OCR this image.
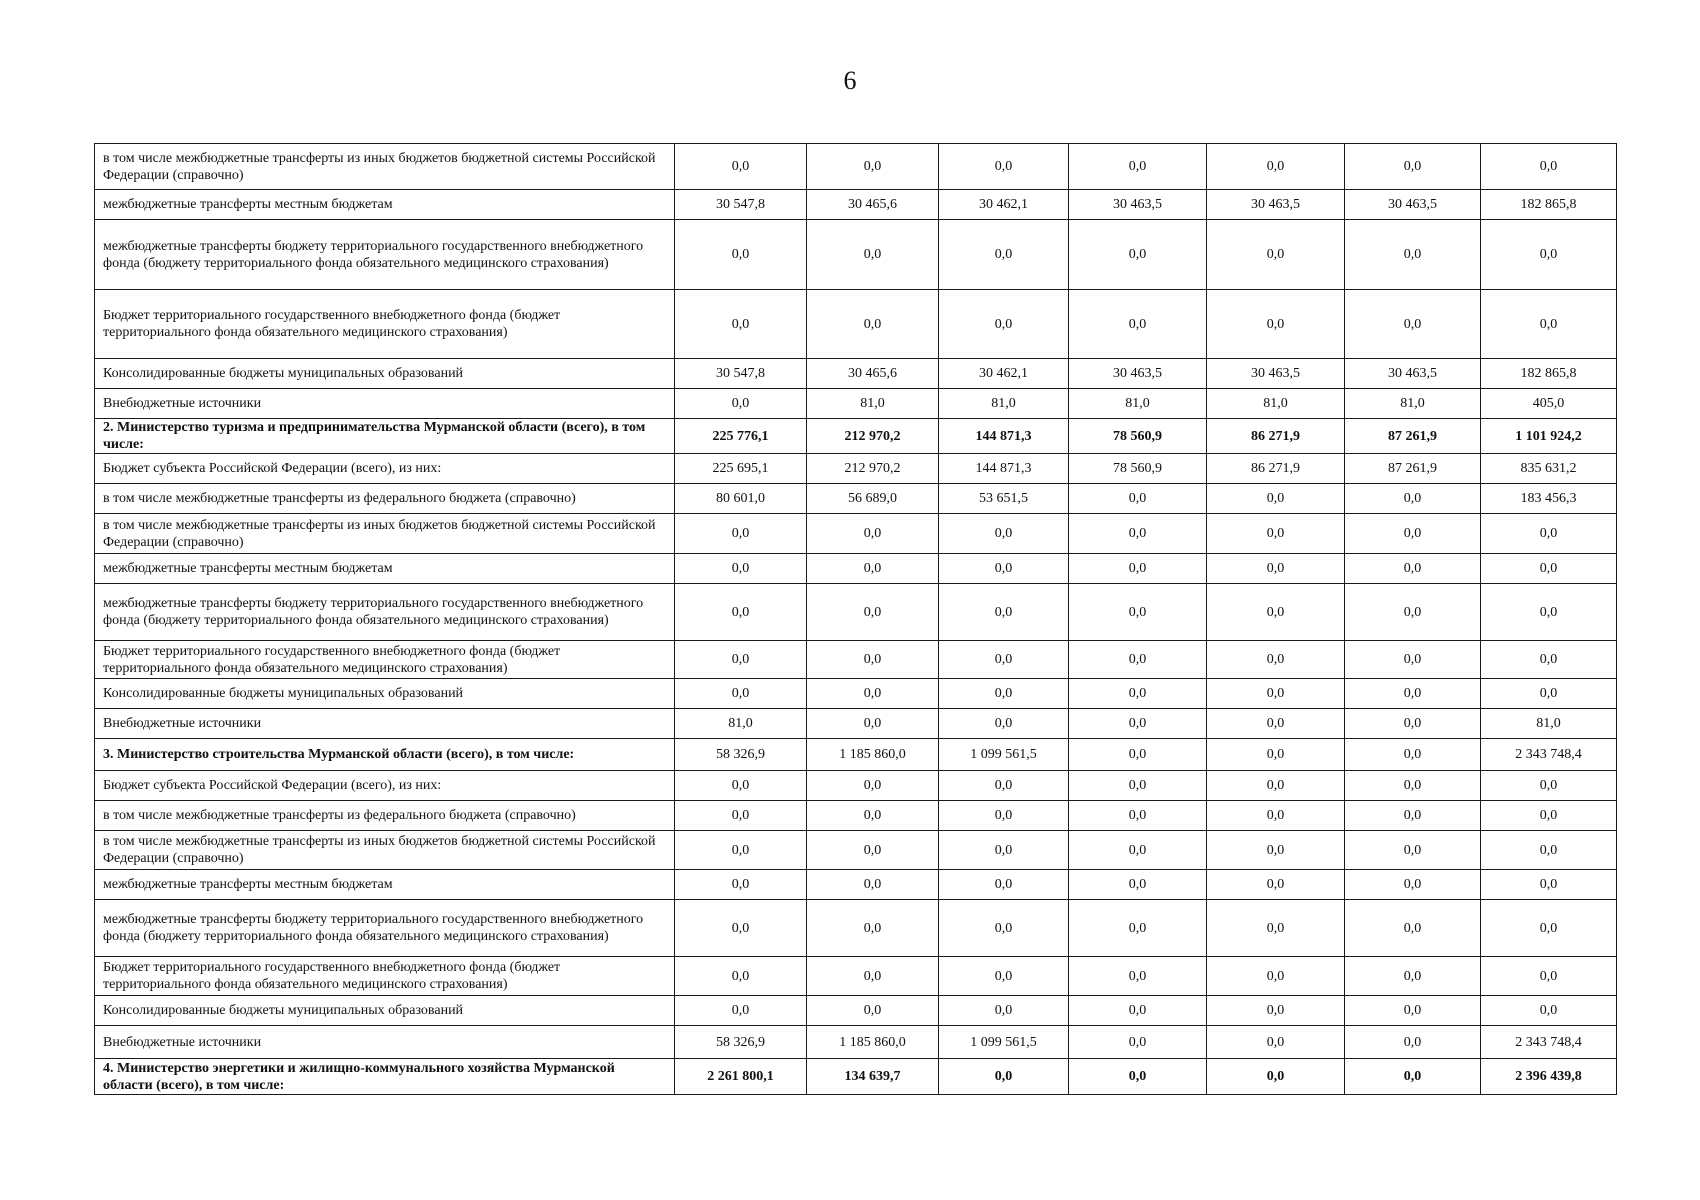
6
в том числе межбюджетные трансферты из иных бюджетов бюджетной системы Российской Федерации (справочно)	0,0	0,0	0,0	0,0	0,0	0,0	0,0
межбюджетные трансферты местным бюджетам	30 547,8	30 465,6	30 462,1	30 463,5	30 463,5	30 463,5	182 865,8
межбюджетные трансферты бюджету территориального государственного внебюджетного фонда (бюджету территориального фонда обязательного медицинского страхования)	0,0	0,0	0,0	0,0	0,0	0,0	0,0
Бюджет территориального государственного внебюджетного фонда (бюджет территориального фонда обязательного медицинского страхования)	0,0	0,0	0,0	0,0	0,0	0,0	0,0
Консолидированные бюджеты муниципальных образований	30 547,8	30 465,6	30 462,1	30 463,5	30 463,5	30 463,5	182 865,8
Внебюджетные источники	0,0	81,0	81,0	81,0	81,0	81,0	405,0
2. Министерство туризма и предпринимательства Мурманской области (всего), в том числе:	225 776,1	212 970,2	144 871,3	78 560,9	86 271,9	87 261,9	1 101 924,2
Бюджет субъекта Российской Федерации (всего), из них:	225 695,1	212 970,2	144 871,3	78 560,9	86 271,9	87 261,9	835 631,2
в том числе межбюджетные трансферты из федерального бюджета (справочно)	80 601,0	56 689,0	53 651,5	0,0	0,0	0,0	183 456,3
в том числе межбюджетные трансферты из иных бюджетов бюджетной системы Российской Федерации (справочно)	0,0	0,0	0,0	0,0	0,0	0,0	0,0
межбюджетные трансферты местным бюджетам	0,0	0,0	0,0	0,0	0,0	0,0	0,0
межбюджетные трансферты бюджету территориального государственного внебюджетного фонда (бюджету территориального фонда обязательного медицинского страхования)	0,0	0,0	0,0	0,0	0,0	0,0	0,0
Бюджет территориального государственного внебюджетного фонда (бюджет территориального фонда обязательного медицинского страхования)	0,0	0,0	0,0	0,0	0,0	0,0	0,0
Консолидированные бюджеты муниципальных образований	0,0	0,0	0,0	0,0	0,0	0,0	0,0
Внебюджетные источники	81,0	0,0	0,0	0,0	0,0	0,0	81,0
3. Министерство строительства Мурманской области (всего), в том числе:	58 326,9	1 185 860,0	1 099 561,5	0,0	0,0	0,0	2 343 748,4
Бюджет субъекта Российской Федерации (всего), из них:	0,0	0,0	0,0	0,0	0,0	0,0	0,0
в том числе межбюджетные трансферты из федерального бюджета (справочно)	0,0	0,0	0,0	0,0	0,0	0,0	0,0
в том числе межбюджетные трансферты из иных бюджетов бюджетной системы Российской Федерации (справочно)	0,0	0,0	0,0	0,0	0,0	0,0	0,0
межбюджетные трансферты местным бюджетам	0,0	0,0	0,0	0,0	0,0	0,0	0,0
межбюджетные трансферты бюджету территориального государственного внебюджетного фонда (бюджету территориального фонда обязательного медицинского страхования)	0,0	0,0	0,0	0,0	0,0	0,0	0,0
Бюджет территориального государственного внебюджетного фонда (бюджет территориального фонда обязательного медицинского страхования)	0,0	0,0	0,0	0,0	0,0	0,0	0,0
Консолидированные бюджеты муниципальных образований	0,0	0,0	0,0	0,0	0,0	0,0	0,0
Внебюджетные источники	58 326,9	1 185 860,0	1 099 561,5	0,0	0,0	0,0	2 343 748,4
4. Министерство энергетики и жилищно-коммунального хозяйства Мурманской области (всего), в том числе:	2 261 800,1	134 639,7	0,0	0,0	0,0	0,0	2 396 439,8
